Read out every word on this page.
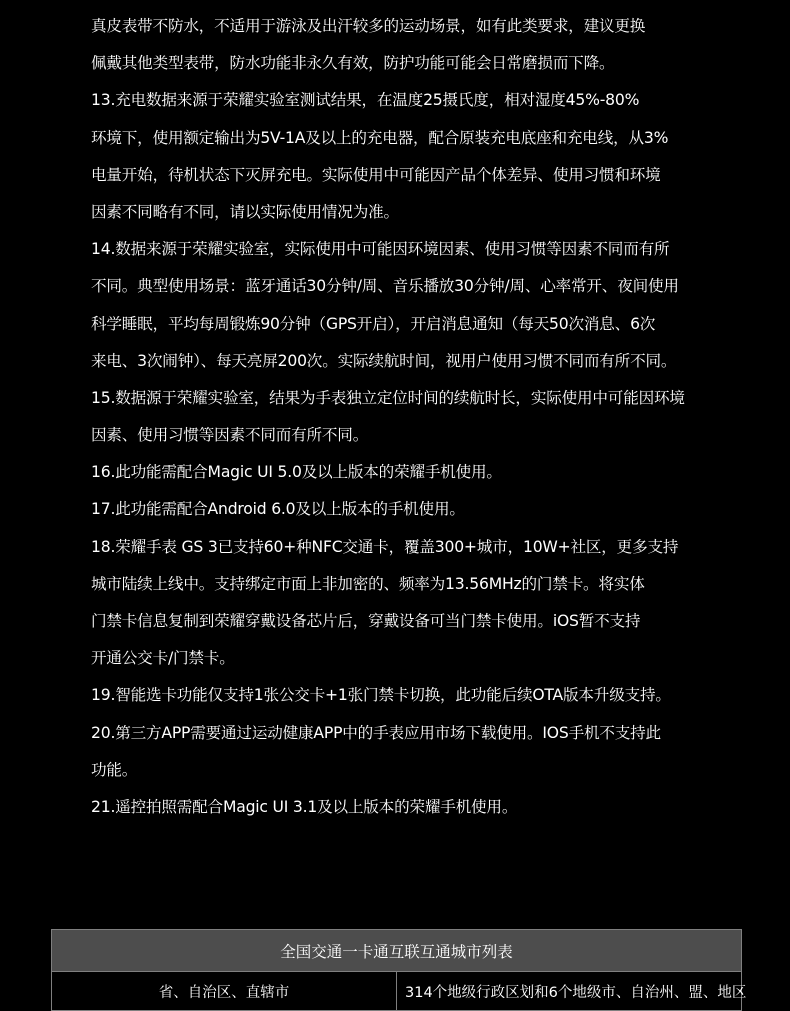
真皮表带不防水，不适用于游泳及出汗较多的运动场景，如有此类要求，建议更换
佩戴其他类型表带，防水功能非永久有效，防护功能可能会日常磨损而下降。
13.充电数据来源于荣耀实验室测试结果，在温度25摄氏度，相对湿度45%-80%
环境下，使用额定输出为5V-1A及以上的充电器，配合原装充电底座和充电线，从3%
电量开始，待机状态下灭屏充电。实际使用中可能因产品个体差异、使用习惯和环境
因素不同略有不同，请以实际使用情况为准。
14.数据来源于荣耀实验室，实际使用中可能因环境因素、使用习惯等因素不同而有所
不同。典型使用场景：蓝牙通话30分钟/周、音乐播放30分钟/周、心率常开、夜间使用
科学睡眠，平均每周锻炼90分钟（GPS开启），开启消息通知（每天50次消息、6次
来电、3次闹钟）、每天亮屏200次。实际续航时间，视用户使用习惯不同而有所不同。
15.数据源于荣耀实验室，结果为手表独立定位时间的续航时长，实际使用中可能因环境
因素、使用习惯等因素不同而有所不同。
16.此功能需配合Magic UI 5.0及以上版本的荣耀手机使用。
17.此功能需配合Android 6.0及以上版本的手机使用。
18.荣耀手表 GS 3已支持60+种NFC交通卡，覆盖300+城市，10W+社区，更多支持
城市陆续上线中。支持绑定市面上非加密的、频率为13.56MHz的门禁卡。将实体
门禁卡信息复制到荣耀穿戴设备芯片后，穿戴设备可当门禁卡使用。iOS暂不支持
开通公交卡/门禁卡。
19.智能选卡功能仅支持1张公交卡+1张门禁卡切换，此功能后续OTA版本升级支持。
20.第三方APP需要通过运动健康APP中的手表应用市场下载使用。IOS手机不支持此
功能。
21.遥控拍照需配合Magic UI 3.1及以上版本的荣耀手机使用。
全国交通一卡通互联互通城市列表
省、自治区、直辖市	314个地级行政区划和6个地级市、自治州、盟、地区
